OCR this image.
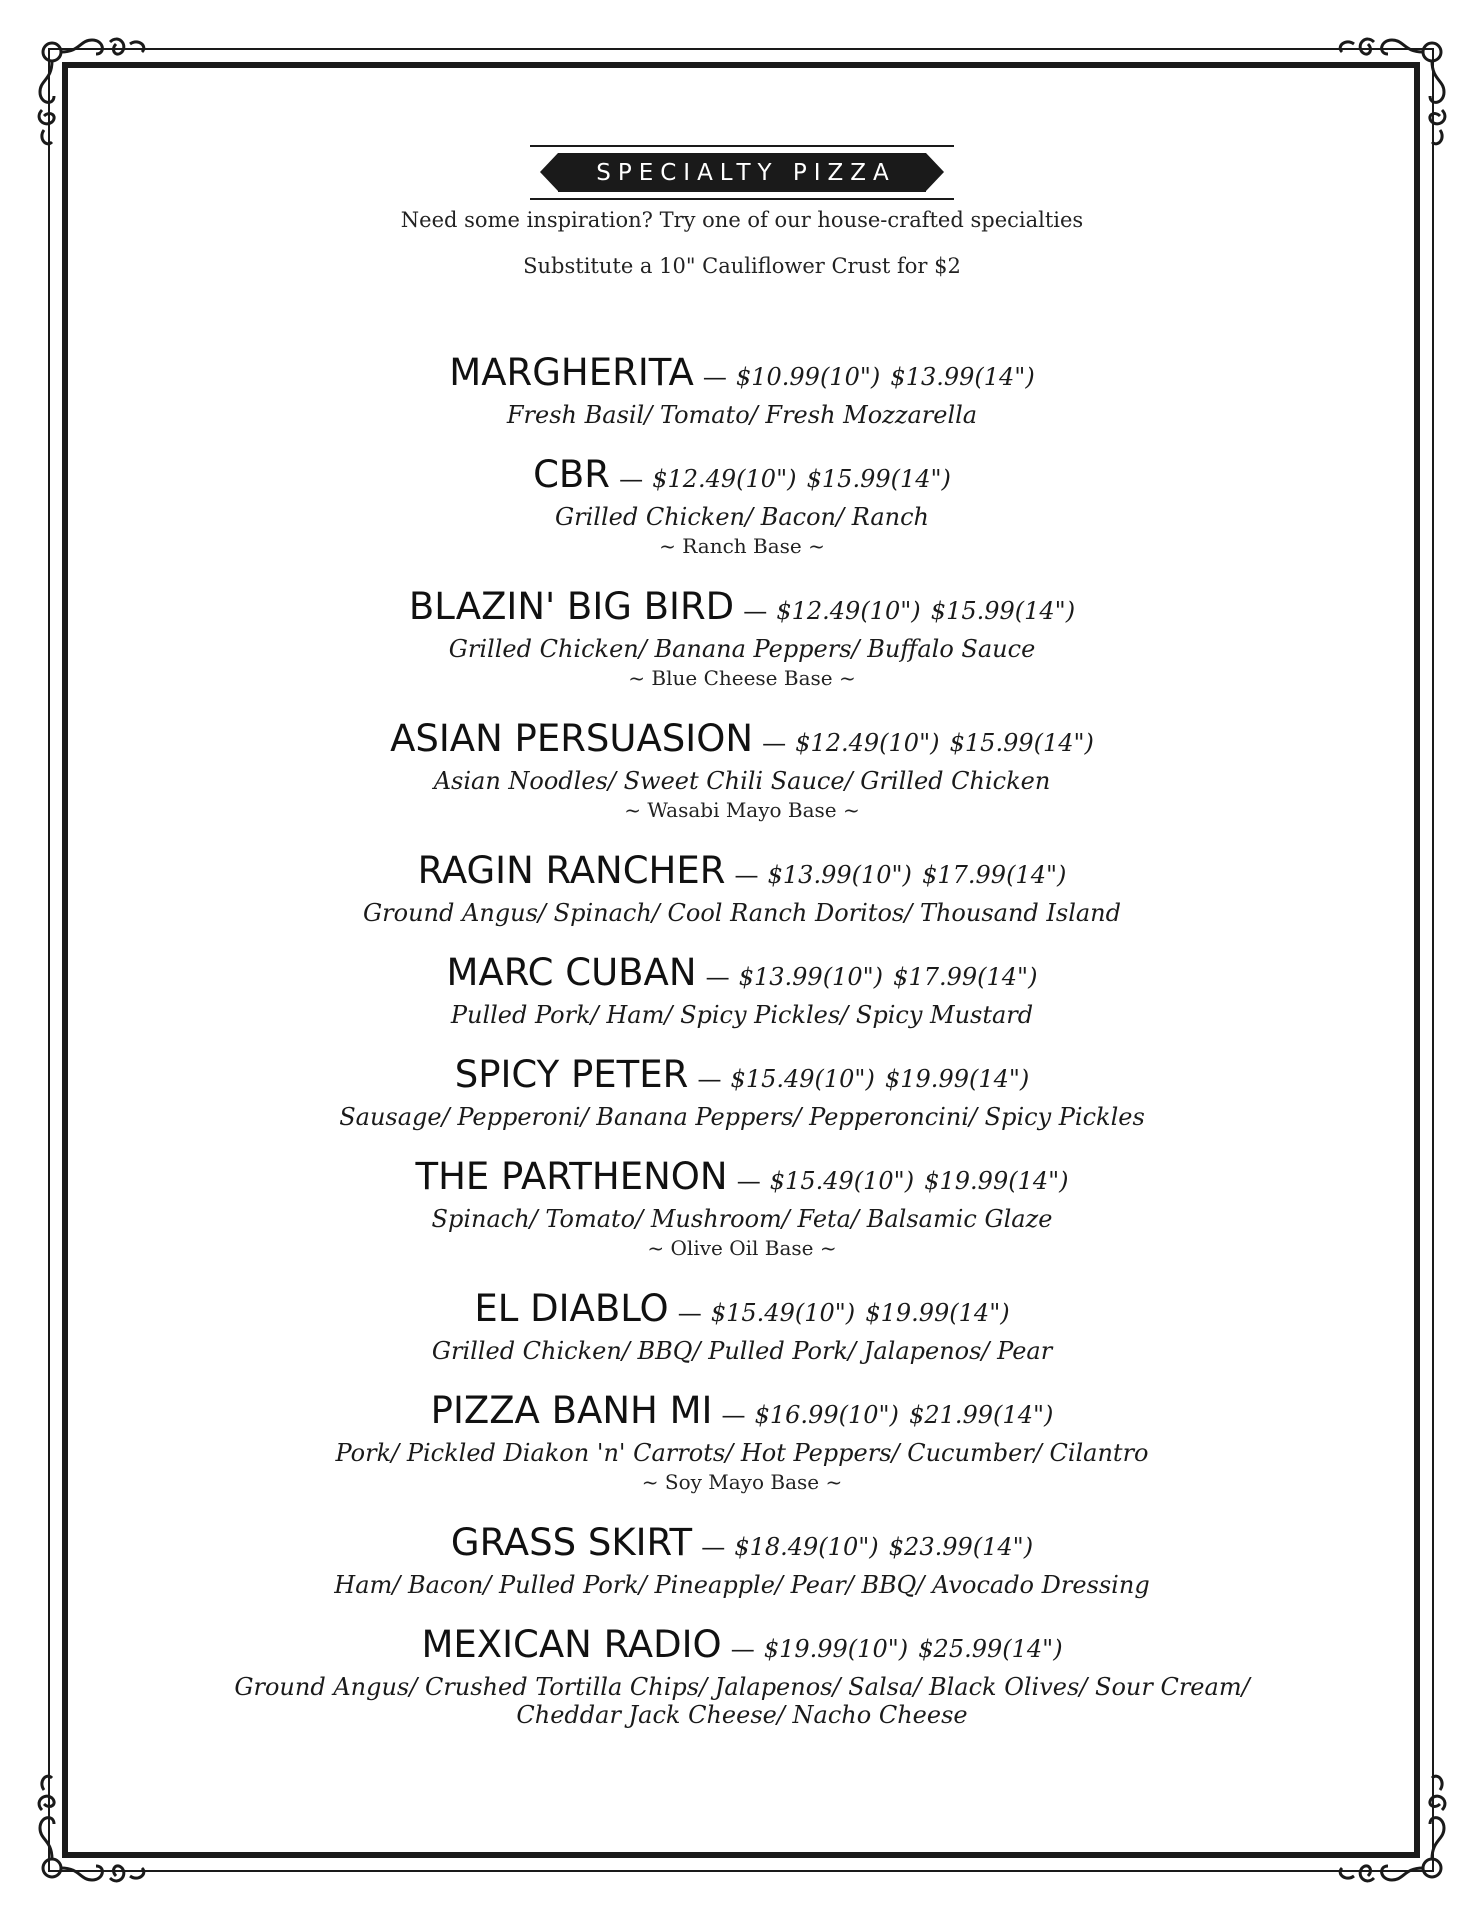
SPECIALTY PIZZA
Need some inspiration? Try one of our house-crafted specialties
Substitute a 10" Cauliflower Crust for $2
MARGHERITA — $10.99(10") $13.99(14")
Fresh Basil/ Tomato/ Fresh Mozzarella
CBR — $12.49(10") $15.99(14")
Grilled Chicken/ Bacon/ Ranch
~ Ranch Base ~
BLAZIN' BIG BIRD — $12.49(10") $15.99(14")
Grilled Chicken/ Banana Peppers/ Buffalo Sauce
~ Blue Cheese Base ~
ASIAN PERSUASION — $12.49(10") $15.99(14")
Asian Noodles/ Sweet Chili Sauce/ Grilled Chicken
~ Wasabi Mayo Base ~
RAGIN RANCHER — $13.99(10") $17.99(14")
Ground Angus/ Spinach/ Cool Ranch Doritos/ Thousand Island
MARC CUBAN — $13.99(10") $17.99(14")
Pulled Pork/ Ham/ Spicy Pickles/ Spicy Mustard
SPICY PETER — $15.49(10") $19.99(14")
Sausage/ Pepperoni/ Banana Peppers/ Pepperoncini/ Spicy Pickles
THE PARTHENON — $15.49(10") $19.99(14")
Spinach/ Tomato/ Mushroom/ Feta/ Balsamic Glaze
~ Olive Oil Base ~
EL DIABLO — $15.49(10") $19.99(14")
Grilled Chicken/ BBQ/ Pulled Pork/ Jalapenos/ Pear
PIZZA BANH MI — $16.99(10") $21.99(14")
Pork/ Pickled Diakon 'n' Carrots/ Hot Peppers/ Cucumber/ Cilantro
~ Soy Mayo Base ~
GRASS SKIRT — $18.49(10") $23.99(14")
Ham/ Bacon/ Pulled Pork/ Pineapple/ Pear/ BBQ/ Avocado Dressing
MEXICAN RADIO — $19.99(10") $25.99(14")
Ground Angus/ Crushed Tortilla Chips/ Jalapenos/ Salsa/ Black Olives/ Sour Cream/
Cheddar Jack Cheese/ Nacho Cheese
